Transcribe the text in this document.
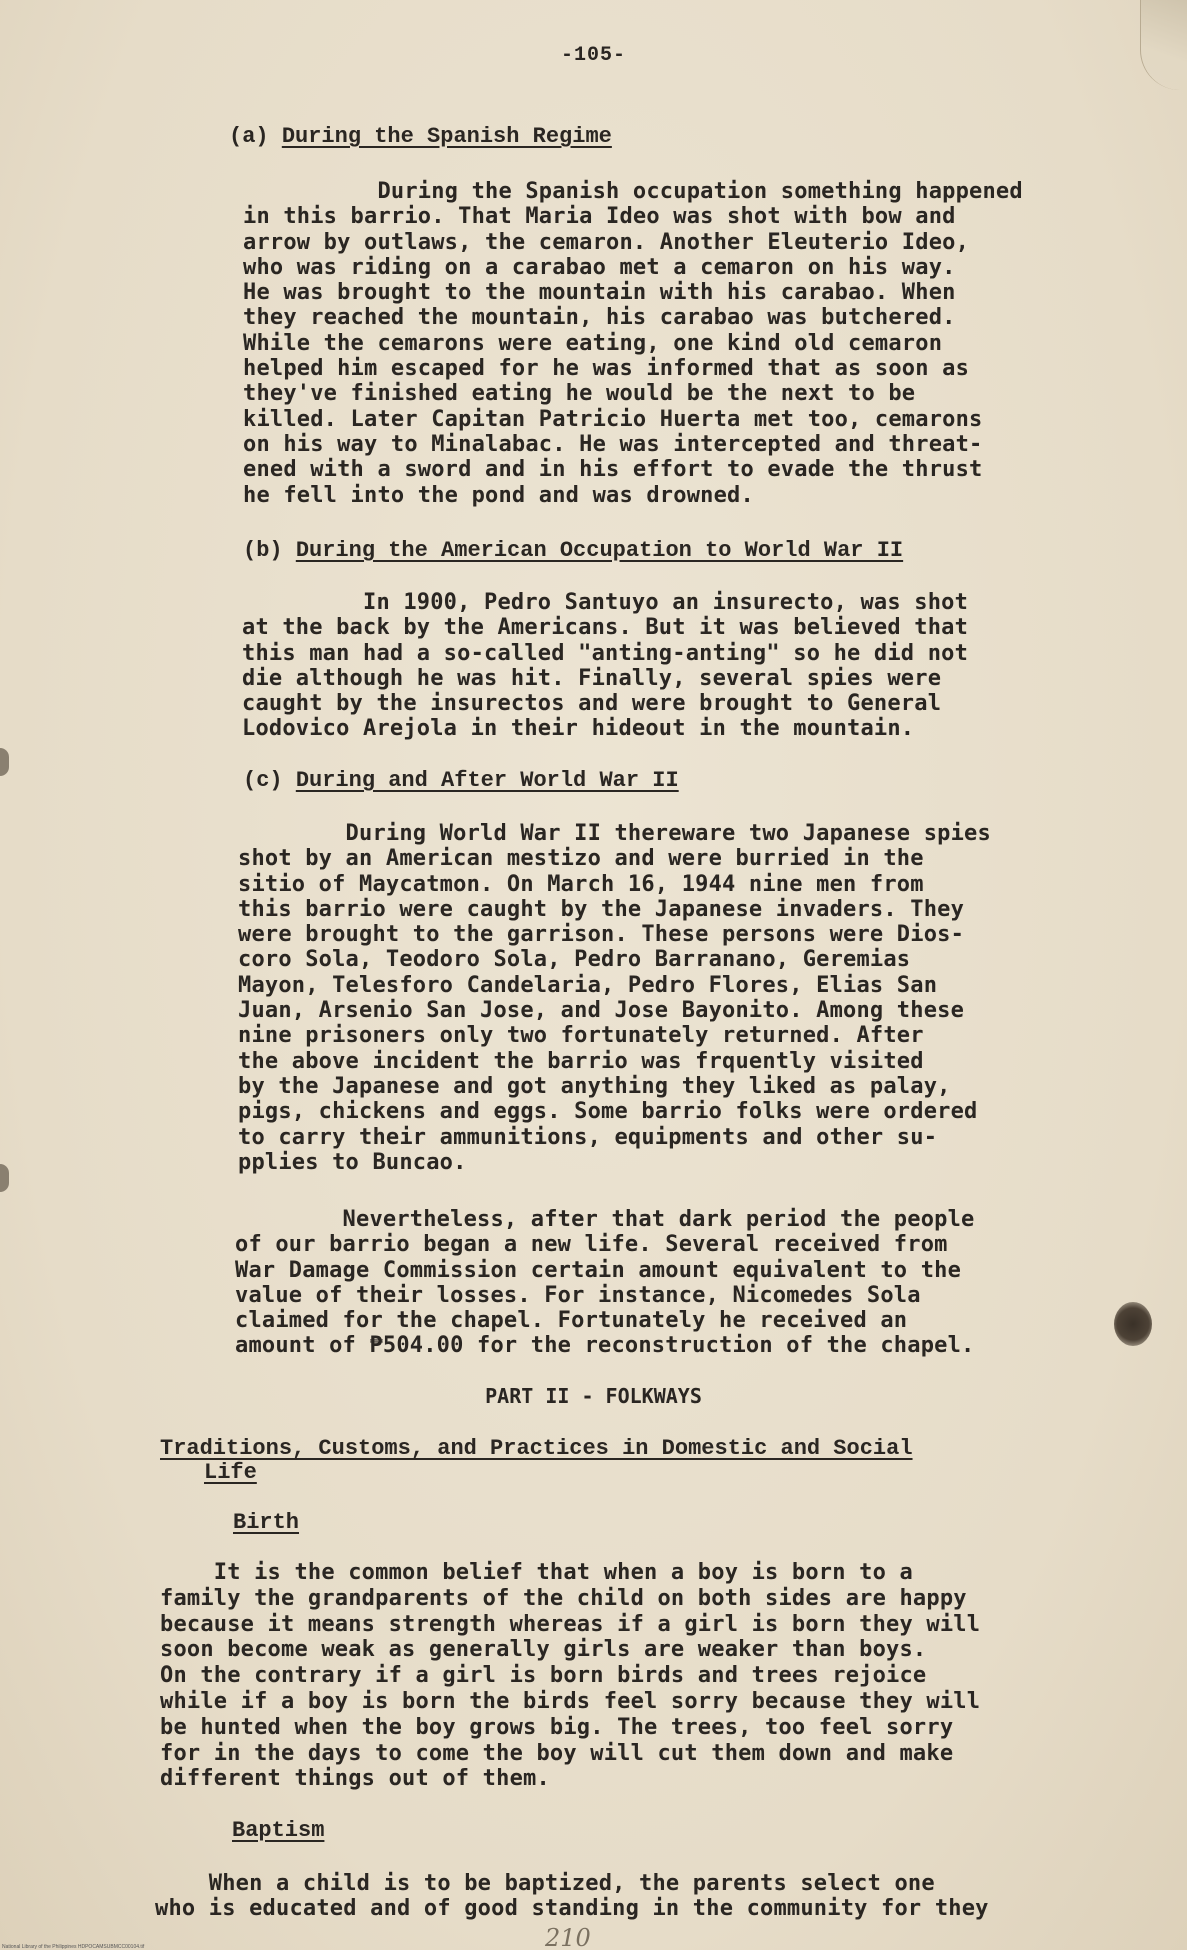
-105-
(a) During the Spanish Regime
During the Spanish occupation something happened
in this barrio. That Maria Ideo was shot with bow and
arrow by outlaws, the cemaron. Another Eleuterio Ideo,
who was riding on a carabao met a cemaron on his way.
He was brought to the mountain with his carabao. When
they reached the mountain, his carabao was butchered.
While the cemarons were eating, one kind old cemaron
helped him escaped for he was informed that as soon as
they've finished eating he would be the next to be
killed. Later Capitan Patricio Huerta met too, cemarons
on his way to Minalabac. He was intercepted and threat-
ened with a sword and in his effort to evade the thrust
he fell into the pond and was drowned.
(b) During the American Occupation to World War II
In 1900, Pedro Santuyo an insurecto, was shot
at the back by the Americans. But it was believed that
this man had a so-called "anting-anting" so he did not
die although he was hit. Finally, several spies were
caught by the insurectos and were brought to General
Lodovico Arejola in their hideout in the mountain.
(c) During and After World War II
During World War II thereware two Japanese spies
shot by an American mestizo and were burried in the
sitio of Maycatmon. On March 16, 1944 nine men from
this barrio were caught by the Japanese invaders. They
were brought to the garrison. These persons were Dios-
coro Sola, Teodoro Sola, Pedro Barranano, Geremias
Mayon, Telesforo Candelaria, Pedro Flores, Elias San
Juan, Arsenio San Jose, and Jose Bayonito. Among these
nine prisoners only two fortunately returned. After
the above incident the barrio was frquently visited
by the Japanese and got anything they liked as palay,
pigs, chickens and eggs. Some barrio folks were ordered
to carry their ammunitions, equipments and other su-
pplies to Buncao.
Nevertheless, after that dark period the people
of our barrio began a new life. Several received from
War Damage Commission certain amount equivalent to the
value of their losses. For instance, Nicomedes Sola
claimed for the chapel. Fortunately he received an
amount of ₱504.00 for the reconstruction of the chapel.
PART II - FOLKWAYS
Traditions, Customs, and Practices in Domestic and Social
Life
Birth
It is the common belief that when a boy is born to a
family the grandparents of the child on both sides are happy
because it means strength whereas if a girl is born they will
soon become weak as generally girls are weaker than boys.
On the contrary if a girl is born birds and trees rejoice
while if a boy is born the birds feel sorry because they will
be hunted when the boy grows big. The trees, too feel sorry
for in the days to come the boy will cut them down and make
different things out of them.
Baptism
When a child is to be baptized, the parents select one
who is educated and of good standing in the community for they
210
National Library of the Philippines HDPOCAMSUBMCC00104.tif
